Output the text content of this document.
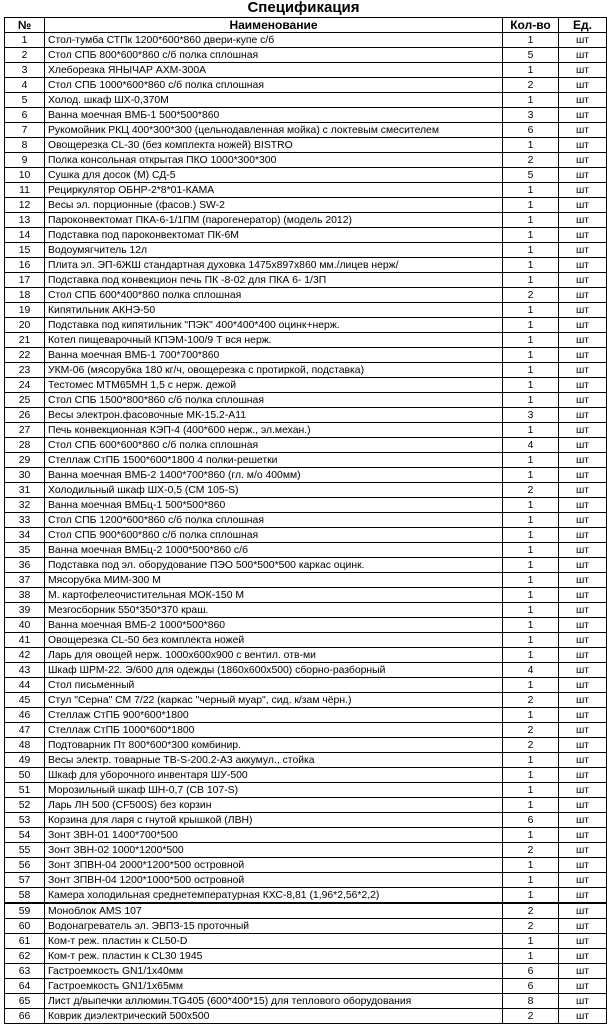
Спецификация
№	Наименование	Кол-во	Ед.
1	Стол-тумба СТПк 1200*600*860 двери-купе с/б	1	шт
2	Стол СПБ 800*600*860 с/б полка сплошная	5	шт
3	Хлеборезка ЯНЫЧАР АХМ-300А	1	шт
4	Стол СПБ 1000*600*860 с/б полка сплошная	2	шт
5	Холод. шкаф ШХ-0,370М	1	шт
6	Ванна моечная ВМБ-1 500*500*860	3	шт
7	Рукомойник РКЦ 400*300*300 (цельнодавленная мойка) с локтевым смесителем	6	шт
8	Овощерезка CL-30 (без комплекта ножей) BISTRO	1	шт
9	Полка консольная открытая ПКО 1000*300*300	2	шт
10	Сушка для досок (М) СД-5	5	шт
11	Рециркулятор ОБНР-2*8*01-КАМА	1	шт
12	Весы эл. порционные (фасов.) SW-2	1	шт
13	Пароконвектомат ПКА-6-1/1ПМ (парогенератор) (модель 2012)	1	шт
14	Подставка под пароконвектомат ПК-6М	1	шт
15	Водоумягчитель 12л	1	шт
16	Плита эл. ЭП-6ЖШ стандартная духовка 1475х897х860 мм./лицев нерж/	1	шт
17	Подставка под конвекцион печь ПК -8-02 для ПКА 6- 1/3П	1	шт
18	Стол СПБ 600*400*860 полка сплошная	2	шт
19	Кипятильник АКНЭ-50	1	шт
20	Подставка под кипятильник "ПЭК" 400*400*400 оцинк+нерж.	1	шт
21	Котел пищеварочный КПЭМ-100/9 Т вся нерж.	1	шт
22	Ванна моечная ВМБ-1 700*700*860	1	шт
23	УКМ-06 (мясорубка 180 кг/ч, овощерезка с протиркой, подставка)	1	шт
24	Тестомес МТМ65МН 1,5 с нерж. дежой	1	шт
25	Стол СПБ 1500*800*860 с/б полка сплошная	1	шт
26	Весы электрон.фасовочные МК-15.2-А11	3	шт
27	Печь конвекционная КЭП-4 (400*600 нерж., эл.механ.)	1	шт
28	Стол СПБ 600*600*860 с/б полка сплошная	4	шт
29	Стеллаж СтПБ 1500*600*1800 4 полки-решетки	1	шт
30	Ванна моечная ВМБ-2 1400*700*860 (гл. м/о 400мм)	1	шт
31	Холодильный шкаф ШХ-0,5 (СМ 105-S)	2	шт
32	Ванна моечная ВМБц-1 500*500*860	1	шт
33	Стол СПБ 1200*600*860 с/б полка сплошная	1	шт
34	Стол СПБ 900*600*860 с/б полка сплошная	1	шт
35	Ванна моечная ВМБц-2 1000*500*860 с/б	1	шт
36	Подставка под эл. оборудование ПЭО 500*500*500 каркас оцинк.	1	шт
37	Мясорубка МИМ-300 М	1	шт
38	М. картофелеочистительная МОК-150 М	1	шт
39	Мезгосборник 550*350*370 краш.	1	шт
40	Ванна моечная ВМБ-2 1000*500*860	1	шт
41	Овощерезка CL-50 без комплекта ножей	1	шт
42	Ларь для овощей нерж. 1000х600х900 с вентил. отв-ми	1	шт
43	Шкаф ШРМ-22. Э/600 для одежды (1860х600х500) сборно-разборный	4	шт
44	Стол письменный	1	шт
45	Стул "Серна" СМ 7/22 (каркас "черный муар", сид. к/зам чёрн.)	2	шт
46	Стеллаж СтПБ 900*600*1800	1	шт
47	Стеллаж СтПБ 1000*600*1800	2	шт
48	Подтоварник Пт 800*600*300 комбинир.	2	шт
49	Весы электр. товарные ТВ-S-200.2-А3 аккумул., стойка	1	шт
50	Шкаф для уборочного инвентаря ШУ-500	1	шт
51	Морозильный шкаф ШН-0,7 (СВ 107-S)	1	шт
52	Ларь ЛН 500 (CF500S) без корзин	1	шт
53	Корзина для ларя с гнутой крышкой (ЛВН)	6	шт
54	Зонт ЗВН-01 1400*700*500	1	шт
55	Зонт ЗВН-02 1000*1200*500	2	шт
56	Зонт ЗПВН-04 2000*1200*500 островной	1	шт
57	Зонт ЗПВН-04 1200*1000*500 островной	1	шт
58	Камера холодильная среднетемпературная КХС-8,81 (1,96*2,56*2,2)	1	шт
59	Моноблок AMS 107	2	шт
60	Водонагреватель эл. ЭВПЗ-15 проточный	2	шт
61	Ком-т реж. пластин к CL50-D	1	шт
62	Ком-т реж. пластин к CL30 1945	1	шт
63	Гастроемкость GN1/1х40мм	6	шт
64	Гастроемкость GN1/1х65мм	6	шт
65	Лист д/выпечки аллюмин.TG405 (600*400*15) для теплового оборудования	8	шт
66	Коврик диэлектрический 500х500	2	шт
